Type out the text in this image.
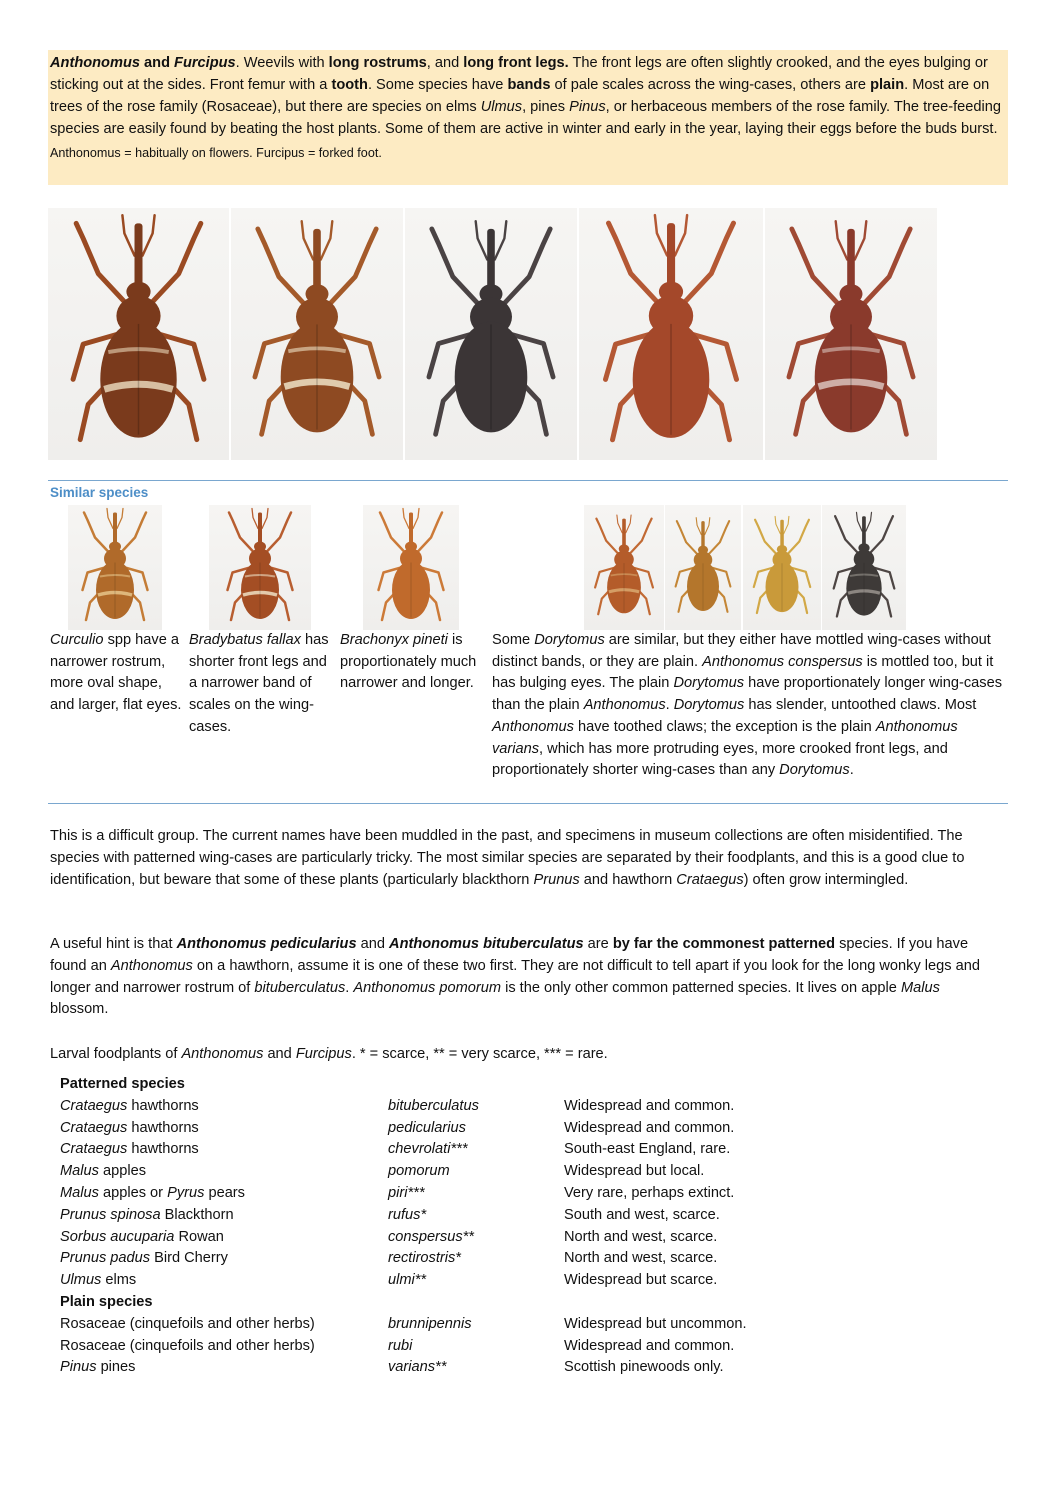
Anthonomus and Furcipus. Weevils with long rostrums, and long front legs. The front legs are often slightly crooked, and the eyes bulging or sticking out at the sides. Front femur with a tooth. Some species have bands of pale scales across the wing-cases, others are plain. Most are on trees of the rose family (Rosaceae), but there are species on elms Ulmus, pines Pinus, or herbaceous members of the rose family. The tree-feeding species are easily found by beating the host plants. Some of them are active in winter and early in the year, laying their eggs before the buds burst.

Anthonomus = habitually on flowers. Furcipus = forked foot.

Similar species
Curculio spp have a narrower rostrum, more oval shape, and larger, flat eyes.
Bradybatus fallax has shorter front legs and a narrower band of scales on the wing-cases.
Brachonyx pineti is proportionately much narrower and longer.
Some Dorytomus are similar, but they either have mottled wing-cases without distinct bands, or they are plain. Anthonomus conspersus is mottled too, but it has bulging eyes. The plain Dorytomus have proportionately longer wing-cases than the plain Anthonomus. Dorytomus has slender, untoothed claws. Most Anthonomus have toothed claws; the exception is the plain Anthonomus varians, which has more protruding eyes, more crooked front legs, and proportionately shorter wing-cases than any Dorytomus.

This is a difficult group. The current names have been muddled in the past, and specimens in museum collections are often misidentified. The species with patterned wing-cases are particularly tricky. The most similar species are separated by their foodplants, and this is a good clue to identification, but beware that some of these plants (particularly blackthorn Prunus and hawthorn Crataegus) often grow intermingled.

A useful hint is that Anthonomus pedicularius and Anthonomus bituberculatus are by far the commonest patterned species. If you have found an Anthonomus on a hawthorn, assume it is one of these two first. They are not difficult to tell apart if you look for the long wonky legs and longer and narrower rostrum of bituberculatus. Anthonomus pomorum is the only other common patterned species. It lives on apple Malus blossom.

Larval foodplants of Anthonomus and Furcipus. * = scarce, ** = very scarce, *** = rare.

Patterned species
Crataegus hawthorns	bituberculatus	Widespread and common.
Crataegus hawthorns	pedicularius	Widespread and common.
Crataegus hawthorns	chevrolati***	South-east England, rare.
Malus apples	pomorum	Widespread but local.
Malus apples or Pyrus pears	piri***	Very rare, perhaps extinct.
Prunus spinosa Blackthorn	rufus*	South and west, scarce.
Sorbus aucuparia Rowan	conspersus**	North and west, scarce.
Prunus padus Bird Cherry	rectirostris*	North and west, scarce.
Ulmus elms	ulmi**	Widespread but scarce.
Plain species
Rosaceae (cinquefoils and other herbs)	brunnipennis	Widespread but uncommon.
Rosaceae (cinquefoils and other herbs)	rubi	Widespread and common.
Pinus pines	varians**	Scottish pinewoods only.
